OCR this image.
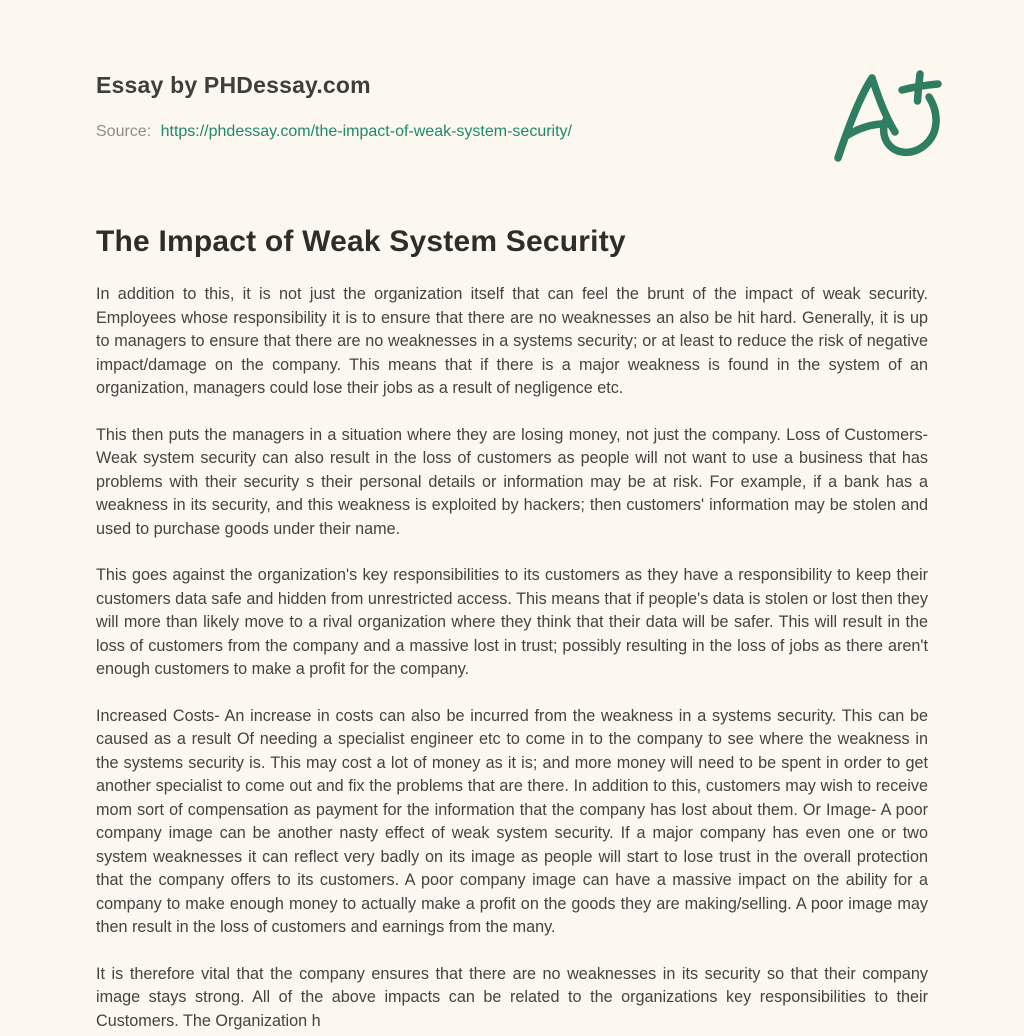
Essay by PHDessay.com
Source: https://phdessay.com/the-impact-of-weak-system-security/
The Impact of Weak System Security

In addition to this, it is not just the organization itself that can feel the brunt of the impact of weak security. Employees whose responsibility it is to ensure that there are no weaknesses an also be hit hard. Generally, it is up to managers to ensure that there are no weaknesses in a systems security; or at least to reduce the risk of negative impact/damage on the company. This means that if there is a major weakness is found in the system of an organization, managers could lose their jobs as a result of negligence etc.

This then puts the managers in a situation where they are losing money, not just the company. Loss of Customers- Weak system security can also result in the loss of customers as people will not want to use a business that has problems with their security s their personal details or information may be at risk. For example, if a bank has a weakness in its security, and this weakness is exploited by hackers; then customers' information may be stolen and used to purchase goods under their name.

This goes against the organization's key responsibilities to its customers as they have a responsibility to keep their customers data safe and hidden from unrestricted access. This means that if people's data is stolen or lost then they will more than likely move to a rival organization where they think that their data will be safer. This will result in the loss of customers from the company and a massive lost in trust; possibly resulting in the loss of jobs as there aren't enough customers to make a profit for the company.

Increased Costs- An increase in costs can also be incurred from the weakness in a systems security. This can be caused as a result Of needing a specialist engineer etc to come in to the company to see where the weakness in the systems security is. This may cost a lot of money as it is; and more money will need to be spent in order to get another specialist to come out and fix the problems that are there. In addition to this, customers may wish to receive mom sort of compensation as payment for the information that the company has lost about them. Or Image- A poor company image can be another nasty effect of weak system security. If a major company has even one or two system weaknesses it can reflect very badly on its image as people will start to lose trust in the overall protection that the company offers to its customers. A poor company image can have a massive impact on the ability for a company to make enough money to actually make a profit on the goods they are making/selling. A poor image may then result in the loss of customers and earnings from the many.

It is therefore vital that the company ensures that there are no weaknesses in its security so that their company image stays strong. All of the above impacts can be related to the organizations key responsibilities to their Customers. The Organization h
